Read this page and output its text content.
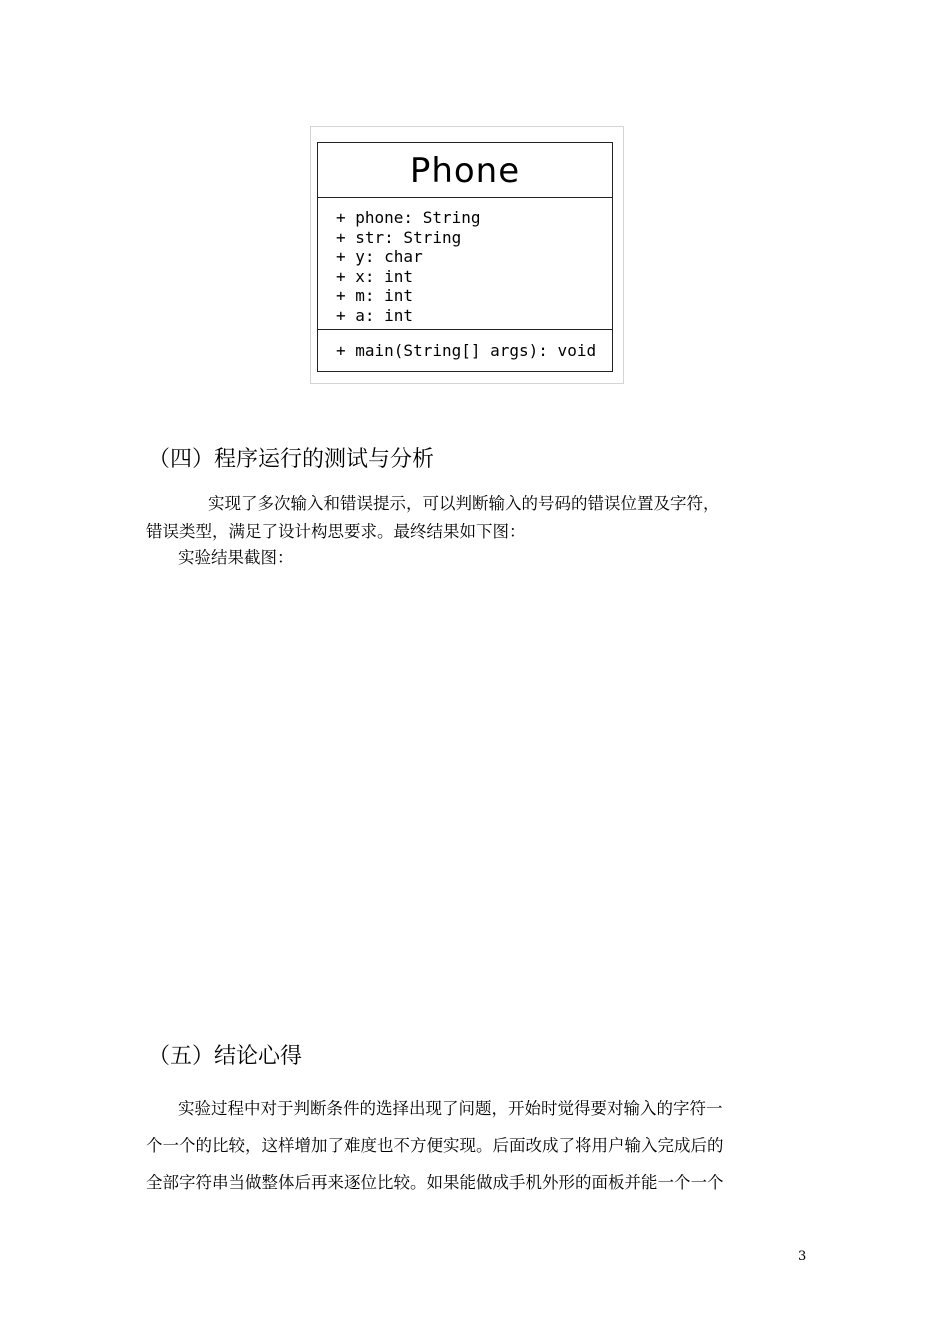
Phone
+ phone: String
+ str: String
+ y: char
+ x: int
+ m: int
+ a: int
+ main(String[] args): void
（四）程序运行的测试与分析
实现了多次输入和错误提示，可以判断输入的号码的错误位置及字符，
错误类型，满足了设计构思要求。最终结果如下图：
实验结果截图：
（五）结论心得
实验过程中对于判断条件的选择出现了问题，开始时觉得要对输入的字符一
个一个的比较，这样增加了难度也不方便实现。后面改成了将用户输入完成后的
全部字符串当做整体后再来逐位比较。如果能做成手机外形的面板并能一个一个
3
